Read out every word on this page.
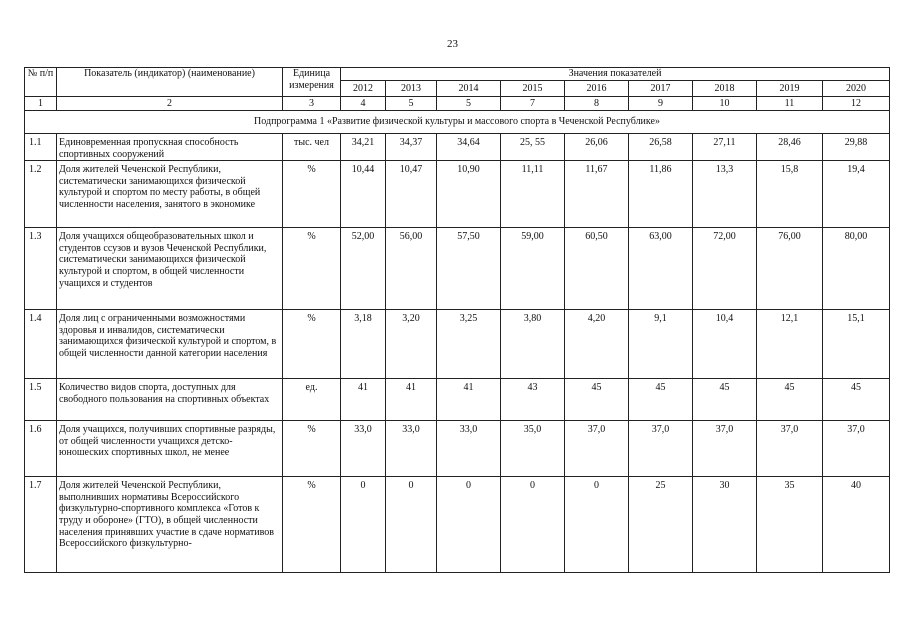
23
№ п/п	Показатель (индикатор) (наименование)	Единица измерения	Значения показателей								
			2012	2013	2014	2015	2016	2017	2018	2019	2020
1	2	3	4	5	5	7	8	9	10	11	12
Подпрограмма 1 «Развитие физической культуры и массового спорта в Чеченской Республике»											
1.1	Единовременная пропускная способность спортивных сооружений	тыс. чел	34,21	34,37	34,64	25, 55	26,06	26,58	27,11	28,46	29,88
1.2	Доля жителей Чеченской Республики, систематически занимающихся физической культурой и спортом по месту работы, в общей численности населения, занятого в экономике	%	10,44	10,47	10,90	11,11	11,67	11,86	13,3	15,8	19,4
1.3	Доля учащихся общеобразовательных школ и студентов ссузов и вузов Чеченской Республики, систематически занимающихся физической культурой и спортом, в общей численности учащихся и студентов	%	52,00	56,00	57,50	59,00	60,50	63,00	72,00	76,00	80,00
1.4	Доля лиц с ограниченными возможностями здоровья и инвалидов, систематически занимающихся физической культурой и спортом, в общей численности данной категории населения	%	3,18	3,20	3,25	3,80	4,20	9,1	10,4	12,1	15,1
1.5	Количество видов спорта, доступных для свободного пользования на спортивных объектах	ед.	41	41	41	43	45	45	45	45	45
1.6	Доля учащихся, получивших спортивные разряды, от общей численности учащихся детско-юношеских спортивных школ, не менее	%	33,0	33,0	33,0	35,0	37,0	37,0	37,0	37,0	37,0
1.7	Доля жителей Чеченской Республики, выполнивших нормативы Всероссийского физкультурно-спортивного комплекса «Готов к труду и обороне» (ГТО), в общей численности населения принявших участие в сдаче нормативов Всероссийского физкультурно-	%	0	0	0	0	0	25	30	35	40
